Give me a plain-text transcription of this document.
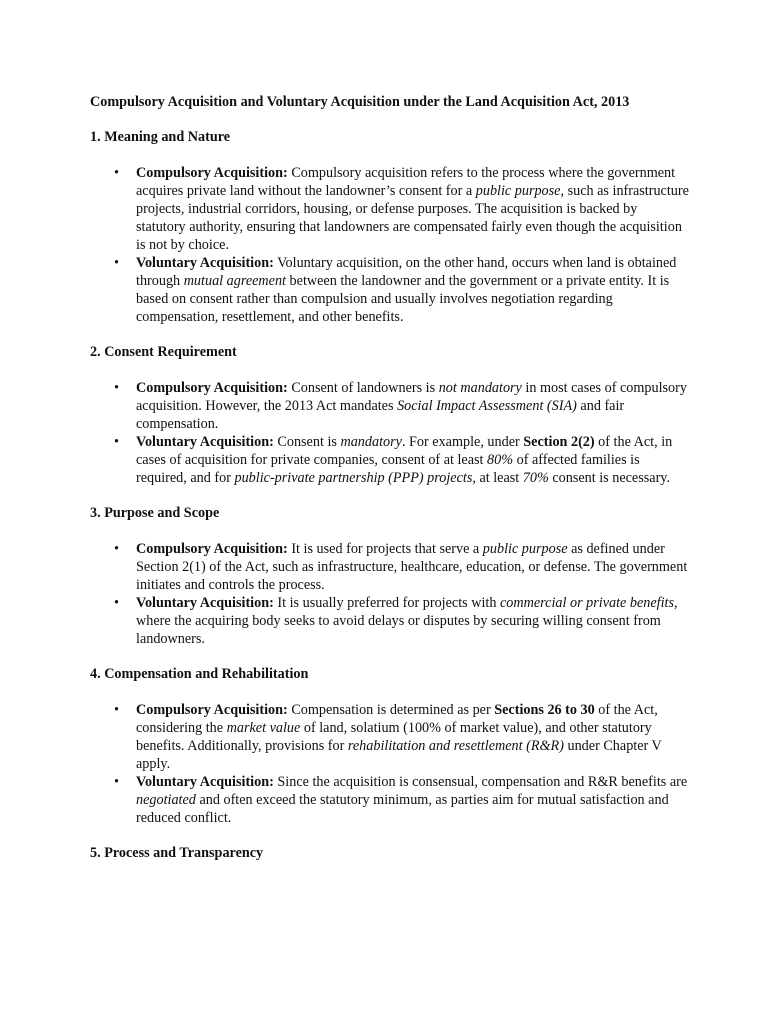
Compulsory Acquisition and Voluntary Acquisition under the Land Acquisition Act, 2013
1. Meaning and Nature
• Compulsory Acquisition: Compulsory acquisition refers to the process where the government acquires private land without the landowner’s consent for a public purpose, such as infrastructure projects, industrial corridors, housing, or defense purposes. The acquisition is backed by statutory authority, ensuring that landowners are compensated fairly even though the acquisition is not by choice.
• Voluntary Acquisition: Voluntary acquisition, on the other hand, occurs when land is obtained through mutual agreement between the landowner and the government or a private entity. It is based on consent rather than compulsion and usually involves negotiation regarding compensation, resettlement, and other benefits.
2. Consent Requirement
• Compulsory Acquisition: Consent of landowners is not mandatory in most cases of compulsory acquisition. However, the 2013 Act mandates Social Impact Assessment (SIA) and fair compensation.
• Voluntary Acquisition: Consent is mandatory. For example, under Section 2(2) of the Act, in cases of acquisition for private companies, consent of at least 80% of affected families is required, and for public-private partnership (PPP) projects, at least 70% consent is necessary.
3. Purpose and Scope
• Compulsory Acquisition: It is used for projects that serve a public purpose as defined under Section 2(1) of the Act, such as infrastructure, healthcare, education, or defense. The government initiates and controls the process.
• Voluntary Acquisition: It is usually preferred for projects with commercial or private benefits, where the acquiring body seeks to avoid delays or disputes by securing willing consent from landowners.
4. Compensation and Rehabilitation
• Compulsory Acquisition: Compensation is determined as per Sections 26 to 30 of the Act, considering the market value of land, solatium (100% of market value), and other statutory benefits. Additionally, provisions for rehabilitation and resettlement (R&R) under Chapter V apply.
• Voluntary Acquisition: Since the acquisition is consensual, compensation and R&R benefits are negotiated and often exceed the statutory minimum, as parties aim for mutual satisfaction and reduced conflict.
5. Process and Transparency
